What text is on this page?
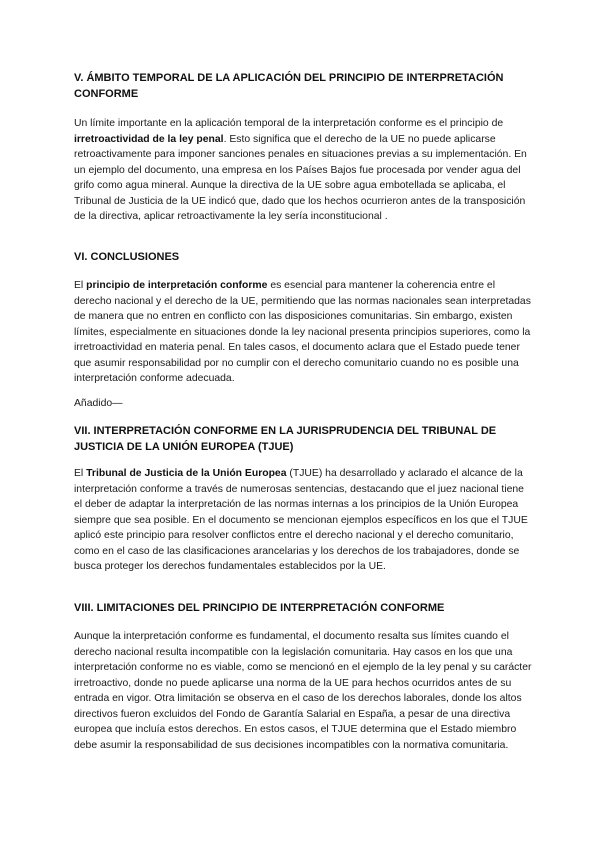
V. ÁMBITO TEMPORAL DE LA APLICACIÓN DEL PRINCIPIO DE INTERPRETACIÓN CONFORME

Un límite importante en la aplicación temporal de la interpretación conforme es el principio de irretroactividad de la ley penal. Esto significa que el derecho de la UE no puede aplicarse retroactivamente para imponer sanciones penales en situaciones previas a su implementación. En un ejemplo del documento, una empresa en los Países Bajos fue procesada por vender agua del grifo como agua mineral. Aunque la directiva de la UE sobre agua embotellada se aplicaba, el Tribunal de Justicia de la UE indicó que, dado que los hechos ocurrieron antes de la transposición de la directiva, aplicar retroactivamente la ley sería inconstitucional .

VI. CONCLUSIONES

El principio de interpretación conforme es esencial para mantener la coherencia entre el derecho nacional y el derecho de la UE, permitiendo que las normas nacionales sean interpretadas de manera que no entren en conflicto con las disposiciones comunitarias. Sin embargo, existen límites, especialmente en situaciones donde la ley nacional presenta principios superiores, como la irretroactividad en materia penal. En tales casos, el documento aclara que el Estado puede tener que asumir responsabilidad por no cumplir con el derecho comunitario cuando no es posible una interpretación conforme adecuada.

Añadido—

VII. INTERPRETACIÓN CONFORME EN LA JURISPRUDENCIA DEL TRIBUNAL DE JUSTICIA DE LA UNIÓN EUROPEA (TJUE)

El Tribunal de Justicia de la Unión Europea (TJUE) ha desarrollado y aclarado el alcance de la interpretación conforme a través de numerosas sentencias, destacando que el juez nacional tiene el deber de adaptar la interpretación de las normas internas a los principios de la Unión Europea siempre que sea posible. En el documento se mencionan ejemplos específicos en los que el TJUE aplicó este principio para resolver conflictos entre el derecho nacional y el derecho comunitario, como en el caso de las clasificaciones arancelarias y los derechos de los trabajadores, donde se busca proteger los derechos fundamentales establecidos por la UE.

VIII. LIMITACIONES DEL PRINCIPIO DE INTERPRETACIÓN CONFORME

Aunque la interpretación conforme es fundamental, el documento resalta sus límites cuando el derecho nacional resulta incompatible con la legislación comunitaria. Hay casos en los que una interpretación conforme no es viable, como se mencionó en el ejemplo de la ley penal y su carácter irretroactivo, donde no puede aplicarse una norma de la UE para hechos ocurridos antes de su entrada en vigor. Otra limitación se observa en el caso de los derechos laborales, donde los altos directivos fueron excluidos del Fondo de Garantía Salarial en España, a pesar de una directiva europea que incluía estos derechos. En estos casos, el TJUE determina que el Estado miembro debe asumir la responsabilidad de sus decisiones incompatibles con la normativa comunitaria.
